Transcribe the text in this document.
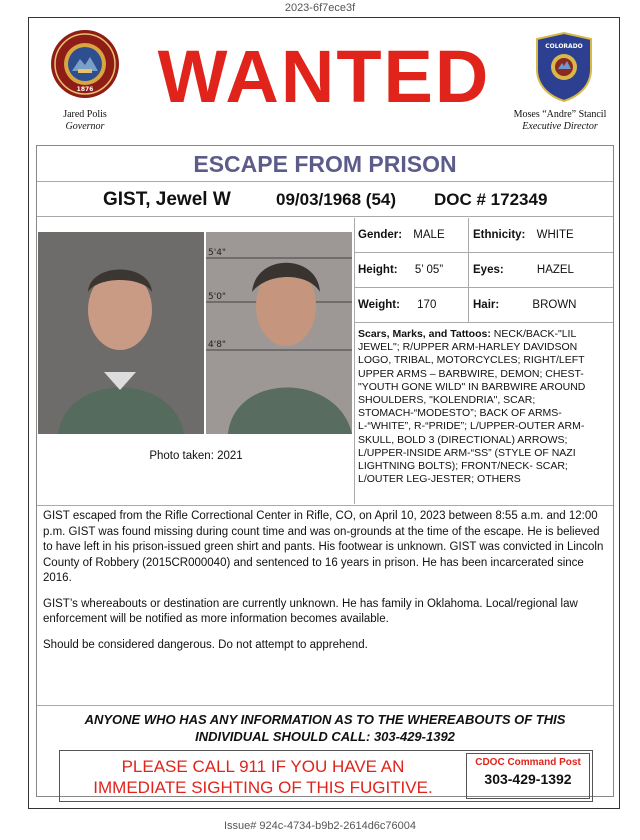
2023-6f7ece3f
1876
COLORADO
Jared Polis
Governor
WANTED	Moses “Andre” Stancil
Executive Director
ESCAPE FROM PRISON
GIST, Jewel W	09/03/1968 (54) DOC # 172349
5'4"
5'0"
4'8"
Photo taken: 2021
Gender: MALE	Ethnicity: WHITE
Height: 5’ 05”	Eyes:	HAZEL
Weight: 170	Hair:	BROWN
Scars, Marks, and Tattoos: NECK/BACK-"LIL JEWEL"; R/UPPER ARM-HARLEY DAVIDSON LOGO, TRIBAL, MOTORCYCLES; RIGHT/LEFT UPPER ARMS – BARBWIRE, DEMON; CHEST-"YOUTH GONE WILD" IN BARBWIRE AROUND SHOULDERS, "KOLENDRIA", SCAR; STOMACH-“MODESTO”; BACK OF ARMS-L-“WHITE”, R-“PRIDE”; L/UPPER-OUTER ARM-SKULL, BOLD 3 (DIRECTIONAL) ARROWS; L/UPPER-INSIDE ARM-“SS” (STYLE OF NAZI LIGHTNING BOLTS); FRONT/NECK- SCAR; L/OUTER LEG-JESTER; OTHERS

GIST escaped from the Rifle Correctional Center in Rifle, CO, on April 10, 2023 between 8:55 a.m. and 12:00 p.m. GIST was found missing during count time and was on-grounds at the time of the escape. He is believed to have left in his prison-issued green shirt and pants. His footwear is unknown. GIST was convicted in Lincoln County of Robbery (2015CR000040) and sentenced to 16 years in prison. He has been incarcerated since 2016.

GIST’s whereabouts or destination are currently unknown. He has family in Oklahoma. Local/regional law enforcement will be notified as more information becomes available.

Should be considered dangerous. Do not attempt to apprehend.

ANYONE WHO HAS ANY INFORMATION AS TO THE WHEREABOUTS OF THIS
INDIVIDUAL SHOULD CALL: 303-429-1392
PLEASE CALL 911 IF YOU HAVE AN
IMMEDIATE SIGHTING OF THIS FUGITIVE.
CDOC Command Post
303-429-1392
Issue# 924c-4734-b9b2-2614d6c76004
